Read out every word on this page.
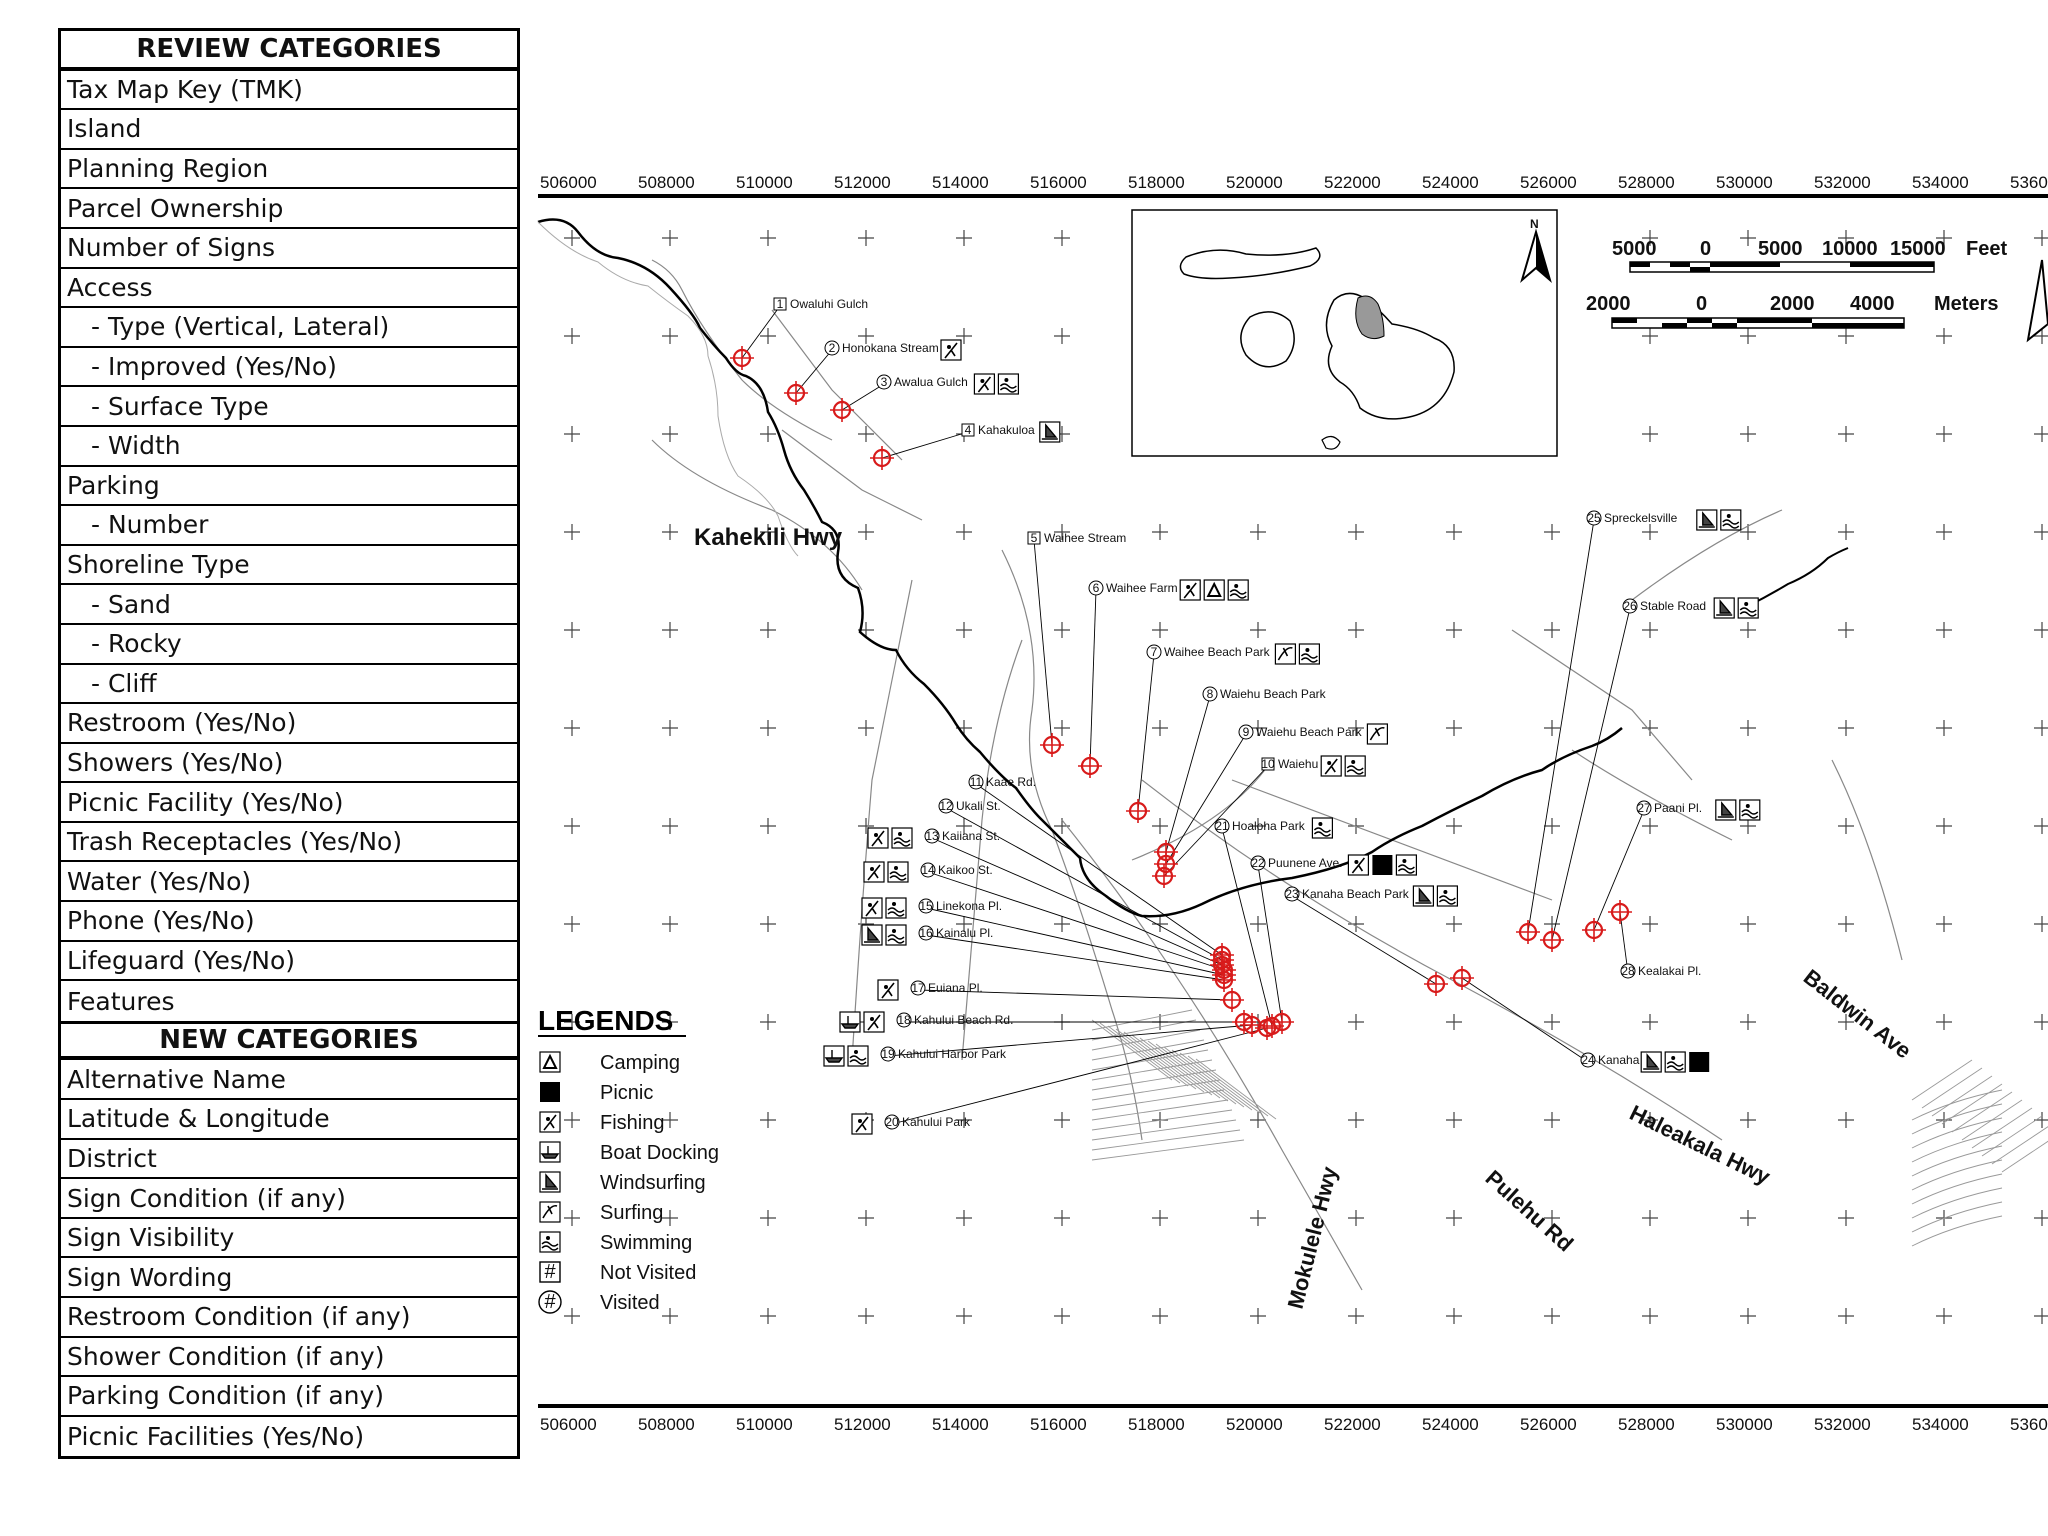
REVIEW CATEGORIES
Tax Map Key (TMK)
Island
Planning Region
Parcel Ownership
Number of Signs
Access
- Type (Vertical, Lateral)
- Improved (Yes/No)
- Surface Type
- Width
Parking
- Number
Shoreline Type
- Sand
- Rocky
- Cliff
Restroom (Yes/No)
Showers (Yes/No)
Picnic Facility (Yes/No)
Trash Receptacles (Yes/No)
Water (Yes/No)
Phone (Yes/No)
Lifeguard (Yes/No)
Features
NEW CATEGORIES
Alternative Name
Latitude & Longitude
District
Sign Condition (if any)
Sign Visibility
Sign Wording
Restroom Condition (if any)
Shower Condition (if any)
Parking Condition (if any)
Picnic Facilities (Yes/No)
506000 508000 510000 512000 514000 516000 518000 520000 522000 524000 526000 528000 530000 532000 534000 5360
506000 508000 510000 512000 514000 516000 518000 520000 522000 524000 526000 528000 530000 532000 534000 5360
N
5000 0 5000 10000 15000 Feet
2000	0	2000 4000 Meters
1 Owaluhi Gulch
2 Honokana Stream
3 Awalua Gulch
4 Kahakuloa
5 Waihee Stream
6 Waihee Farm
7 Waihee Beach Park
8 Waiehu Beach Park
9 Waiehu Beach Park
10 Waiehu
11 Kaae Rd.
12 Ukali St.
13 Kaiiana St.
14 Kaikoo St.
15 Linekona Pl.
16 Kainalu Pl.
17 Euiana Pl.
18 Kahului Beach Rd.
19 Kahului Harbor Park
20 Kahului Park
21 Hoaloha Park
22 Puunene Ave.
23 Kanaha Beach Park
24 Kanaha
25 Spreckelsville
26 Stable Road
27 Paani Pl.
28 Kealakai Pl.
Kahekili Hwy
Baldwin Ave
Haleakala Hwy
Pulehu Rd
Mokulele Hwy
LEGENDS
Camping
Picnic
Fishing
Boat Docking
Windsurfing
Surfing
Swimming
# Not Visited
# Visited
